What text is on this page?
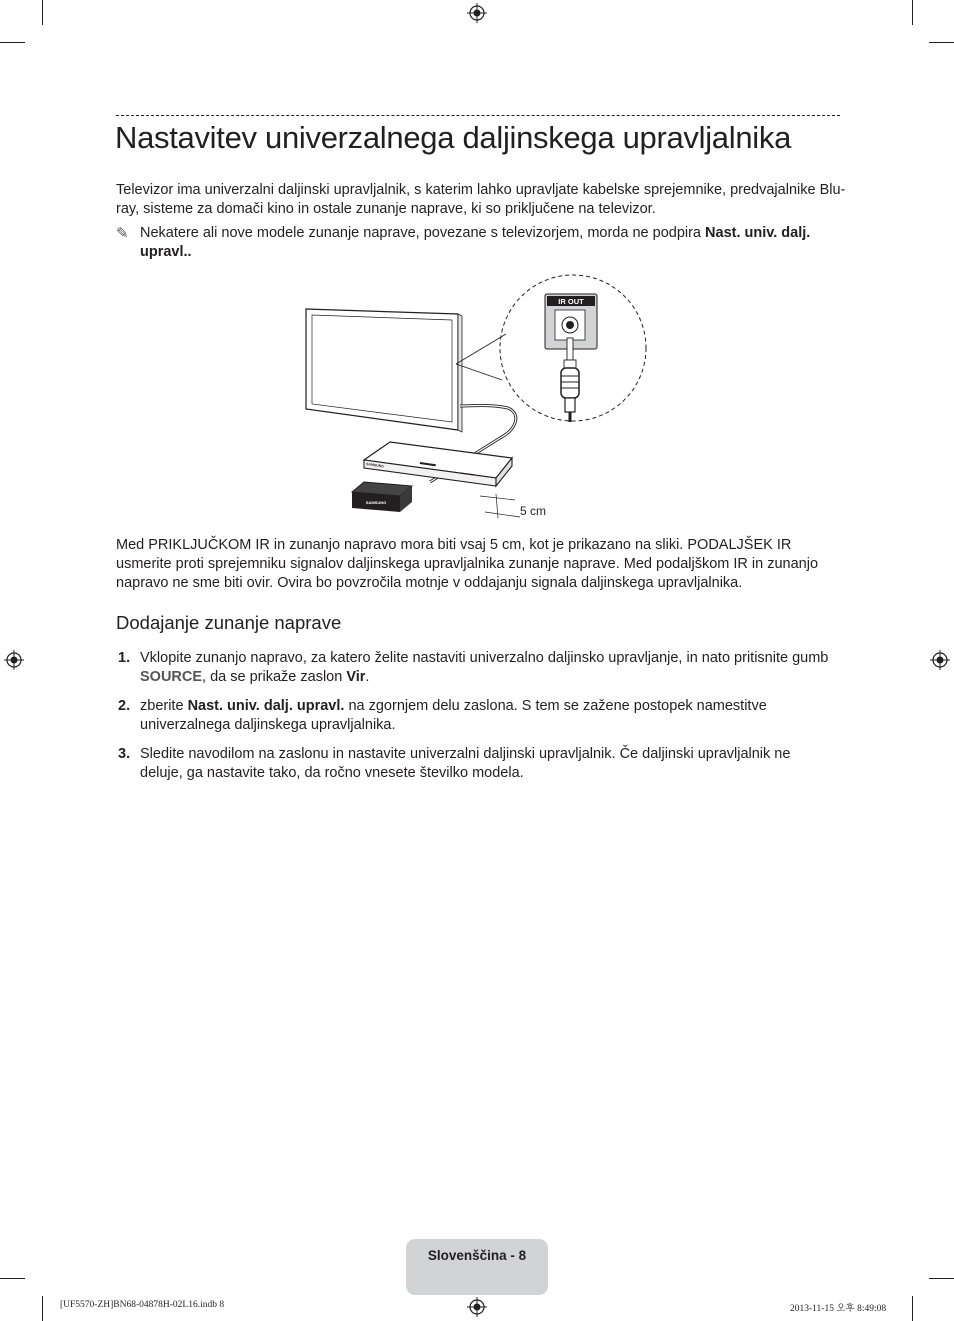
Nastavitev univerzalnega daljinskega upravljalnika

Televizor ima univerzalni daljinski upravljalnik, s katerim lahko upravljate kabelske sprejemnike, predvajalnike Blu-ray, sisteme za domači kino in ostale zunanje naprave, ki so priključene na televizor.

✎ Nekatere ali nove modele zunanje naprave, povezane s televizorjem, morda ne podpira Nast. univ. dalj. upravl..
IR OUT
SAMSUNG
SAMSUNG
5 cm

Med PRIKLJUČKOM IR in zunanjo napravo mora biti vsaj 5 cm, kot je prikazano na sliki. PODALJŠEK IR usmerite proti sprejemniku signalov daljinskega upravljalnika zunanje naprave. Med podaljškom IR in zunanjo napravo ne sme biti ovir. Ovira bo povzročila motnje v oddajanju signala daljinskega upravljalnika.

Dodajanje zunanje naprave
1. Vklopite zunanjo napravo, za katero želite nastaviti univerzalno daljinsko upravljanje, in nato pritisnite gumb SOURCE, da se prikaže zaslon Vir.
2. zberite Nast. univ. dalj. upravl. na zgornjem delu zaslona. S tem se zažene postopek namestitve univerzalnega daljinskega upravljalnika.
3. Sledite navodilom na zaslonu in nastavite univerzalni daljinski upravljalnik. Če daljinski upravljalnik ne deluje, ga nastavite tako, da ročno vnesete številko modela.
Slovenščina - 8
[UF5570-ZH]BN68-04878H-02L16.indb 8	2013-11-15 오후 8:49:08
